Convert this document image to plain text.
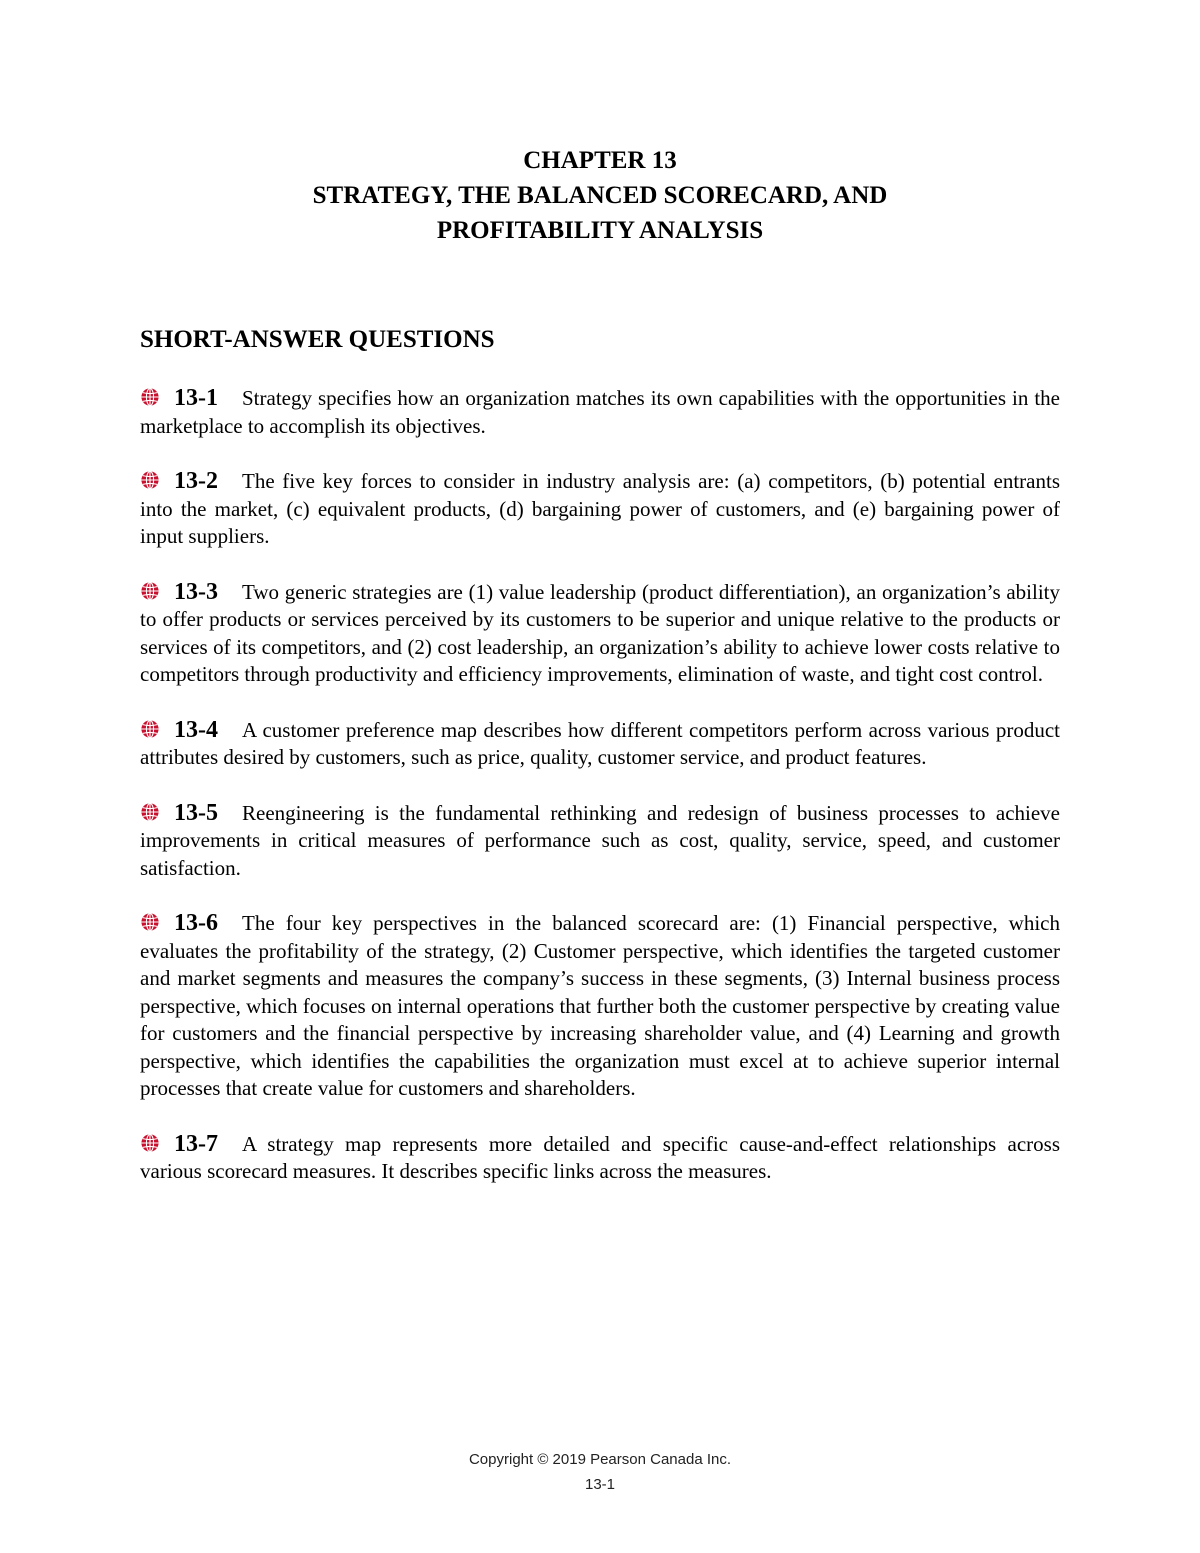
CHAPTER 13
STRATEGY, THE BALANCED SCORECARD, AND
PROFITABILITY ANALYSIS
SHORT-ANSWER QUESTIONS

13-1 Strategy specifies how an organization matches its own capabilities with the opportunities in the marketplace to accomplish its objectives.

13-2 The five key forces to consider in industry analysis are: (a) competitors, (b) potential entrants into the market, (c) equivalent products, (d) bargaining power of customers, and (e) bargaining power of input suppliers.

13-3 Two generic strategies are (1) value leadership (product differentiation), an organization’s ability to offer products or services perceived by its customers to be superior and unique relative to the products or services of its competitors, and (2) cost leadership, an organization’s ability to achieve lower costs relative to competitors through productivity and efficiency improvements, elimination of waste, and tight cost control.

13-4 A customer preference map describes how different competitors perform across various product attributes desired by customers, such as price, quality, customer service, and product features.

13-5 Reengineering is the fundamental rethinking and redesign of business processes to achieve improvements in critical measures of performance such as cost, quality, service, speed, and customer satisfaction.

13-6 The four key perspectives in the balanced scorecard are: (1) Financial perspective, which evaluates the profitability of the strategy, (2) Customer perspective, which identifies the targeted customer and market segments and measures the company’s success in these segments, (3) Internal business process perspective, which focuses on internal operations that further both the customer perspective by creating value for customers and the financial perspective by increasing shareholder value, and (4) Learning and growth perspective, which identifies the capabilities the organization must excel at to achieve superior internal processes that create value for customers and shareholders.

13-7 A strategy map represents more detailed and specific cause-and-effect relationships across various scorecard measures. It describes specific links across the measures.

Copyright © 2019 Pearson Canada Inc.
13-1
